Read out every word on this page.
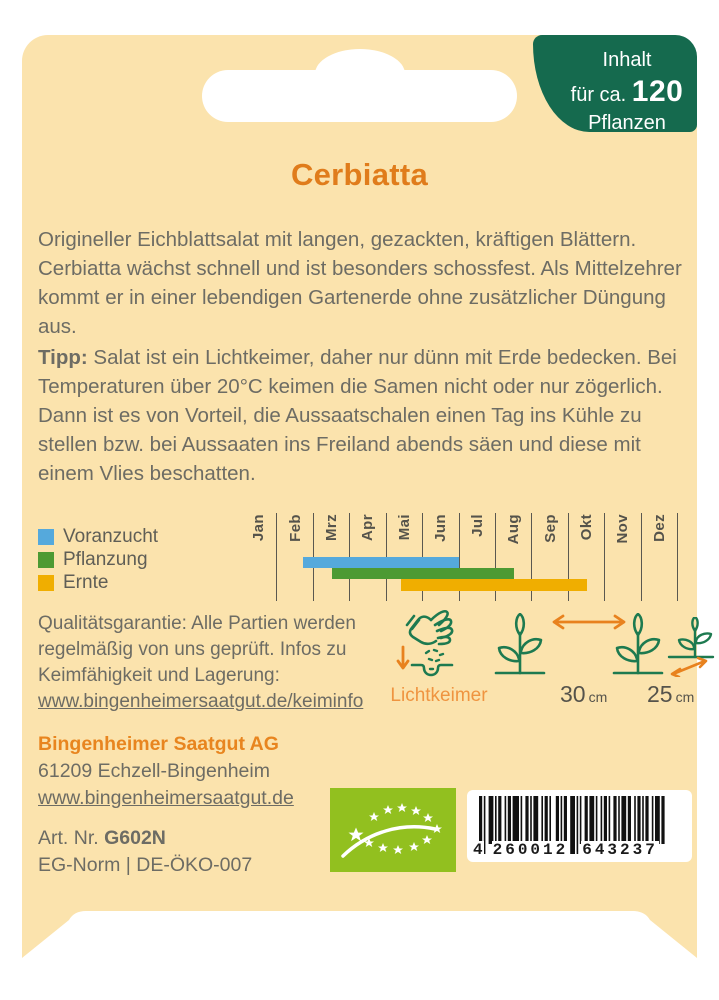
Inhalt
für ca. 120
Pflanzen
Cerbiatta
Origineller Eichblattsalat mit langen, gezackten, kräftigen Blättern. Cerbiatta wächst schnell und ist besonders schossfest. Als Mittelzehrer kommt er in einer lebendigen Gartenerde ohne zusätzlicher Düngung aus.
Tipp: Salat ist ein Lichtkeimer, daher nur dünn mit Erde bedecken. Bei Temperaturen über 20°C keimen die Samen nicht oder nur zögerlich. Dann ist es von Vorteil, die Aussaatschalen einen Tag ins Kühle zu stellen bzw. bei Aussaaten ins Freiland abends säen und diese mit einem Vlies beschatten.
Voranzucht
Pflanzung
Ernte
Jan Feb Mrz Apr Mai Jun Jul Aug Sep Okt Nov Dez
Qualitätsgarantie: Alle Partien werden regelmäßig von uns geprüft. Infos zu Keimfähigkeit und Lagerung: www.bingenheimersaatgut.de/keiminfo	Lichtkeimer	30 cm 25 cm
Bingenheimer Saatgut AG
61209 Echzell-Bingenheim
www.bingenheimersaatgut.de
Art. Nr. G602N
EG-Norm | DE-ÖKO-007
4 260012 643237
